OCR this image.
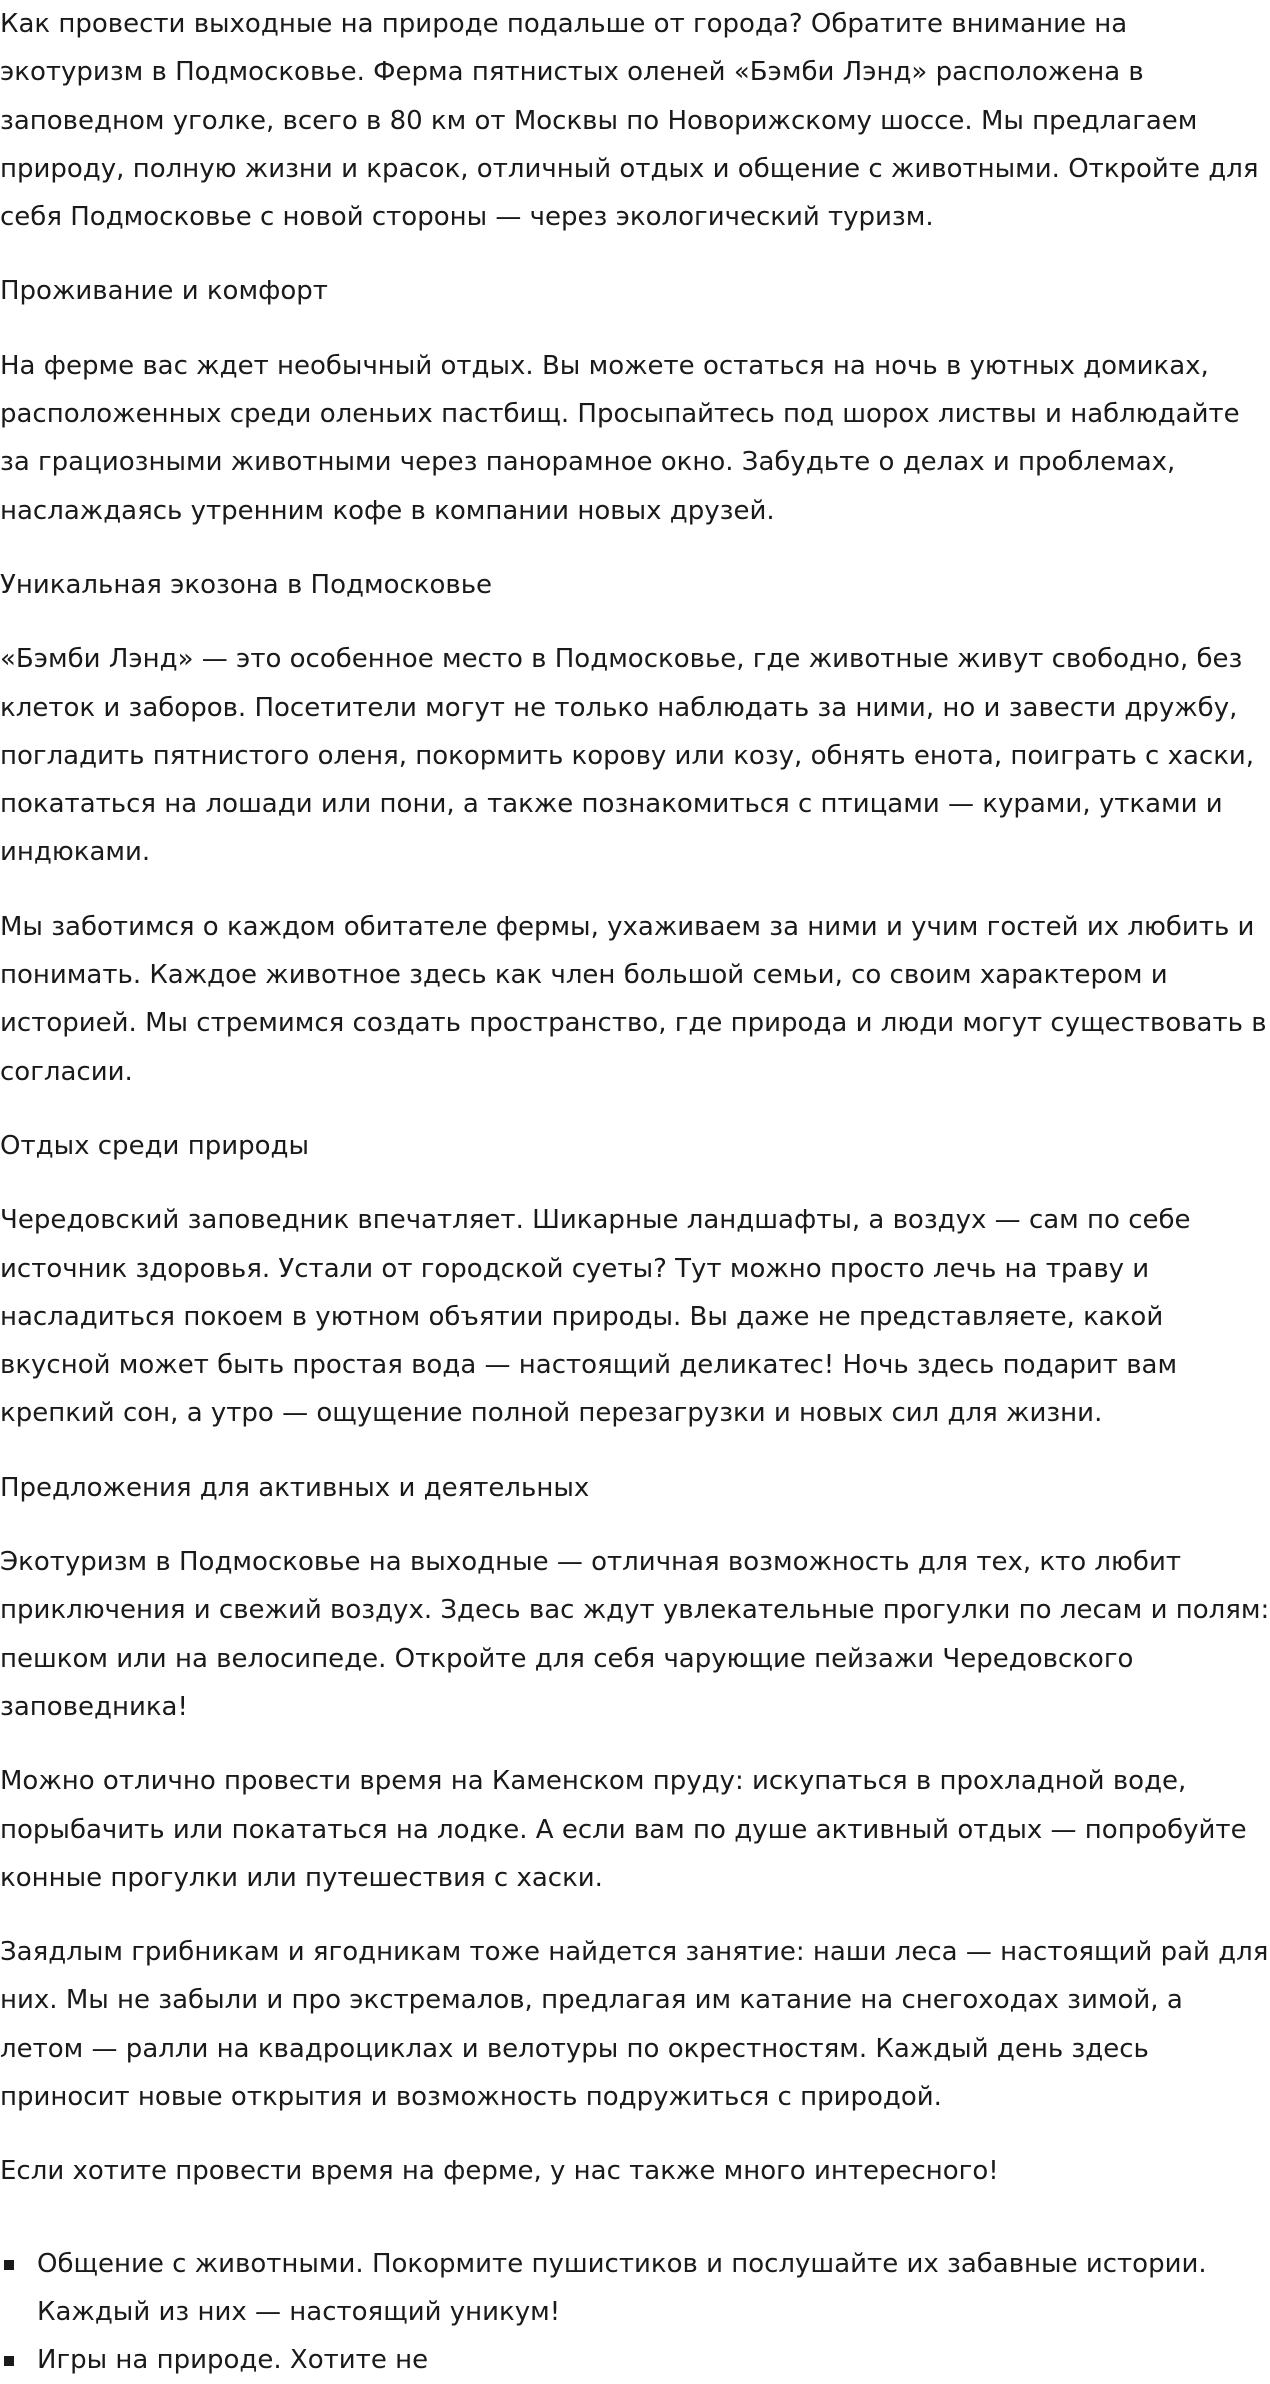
Как провести выходные на природе подальше от города? Обратите внимание на экотуризм в Подмосковье. Ферма пятнистых оленей «Бэмби Лэнд» расположена в заповедном уголке, всего в 80 км от Москвы по Новорижскому шоссе. Мы предлагаем природу, полную жизни и красок, отличный отдых и общение с животными. Откройте для себя Подмосковье с новой стороны — через экологический туризм.

Проживание и комфорт

На ферме вас ждет необычный отдых. Вы можете остаться на ночь в уютных домиках, расположенных среди оленьих пастбищ. Просыпайтесь под шорох листвы и наблюдайте за грациозными животными через панорамное окно. Забудьте о делах и проблемах, наслаждаясь утренним кофе в компании новых друзей.

Уникальная экозона в Подмосковье

«Бэмби Лэнд» — это особенное место в Подмосковье, где животные живут свободно, без клеток и заборов. Посетители могут не только наблюдать за ними, но и завести дружбу, погладить пятнистого оленя, покормить корову или козу, обнять енота, поиграть с хаски, покататься на лошади или пони, а также познакомиться с птицами — курами, утками и индюками.

Мы заботимся о каждом обитателе фермы, ухаживаем за ними и учим гостей их любить и понимать. Каждое животное здесь как член большой семьи, со своим характером и историей. Мы стремимся создать пространство, где природа и люди могут существовать в согласии.

Отдых среди природы

Чередовский заповедник впечатляет. Шикарные ландшафты, а воздух — сам по себе источник здоровья. Устали от городской суеты? Тут можно просто лечь на траву и насладиться покоем в уютном объятии природы. Вы даже не представляете, какой вкусной может быть простая вода — настоящий деликатес! Ночь здесь подарит вам крепкий сон, а утро — ощущение полной перезагрузки и новых сил для жизни.

Предложения для активных и деятельных

Экотуризм в Подмосковье на выходные — отличная возможность для тех, кто любит приключения и свежий воздух. Здесь вас ждут увлекательные прогулки по лесам и полям: пешком или на велосипеде. Откройте для себя чарующие пейзажи Чередовского заповедника!

Можно отлично провести время на Каменском пруду: искупаться в прохладной воде, порыбачить или покататься на лодке. А если вам по душе активный отдых — попробуйте конные прогулки или путешествия с хаски.

Заядлым грибникам и ягодникам тоже найдется занятие: наши леса — настоящий рай для них. Мы не забыли и про экстремалов, предлагая им катание на снегоходах зимой, а летом — ралли на квадроциклах и велотуры по окрестностям. Каждый день здесь приносит новые открытия и возможность подружиться с природой.

Если хотите провести время на ферме, у нас также много интересного!

Общение с животными. Покормите пушистиков и послушайте их забавные истории. Каждый из них — настоящий уникум!
Игры на природе. Хотите не
